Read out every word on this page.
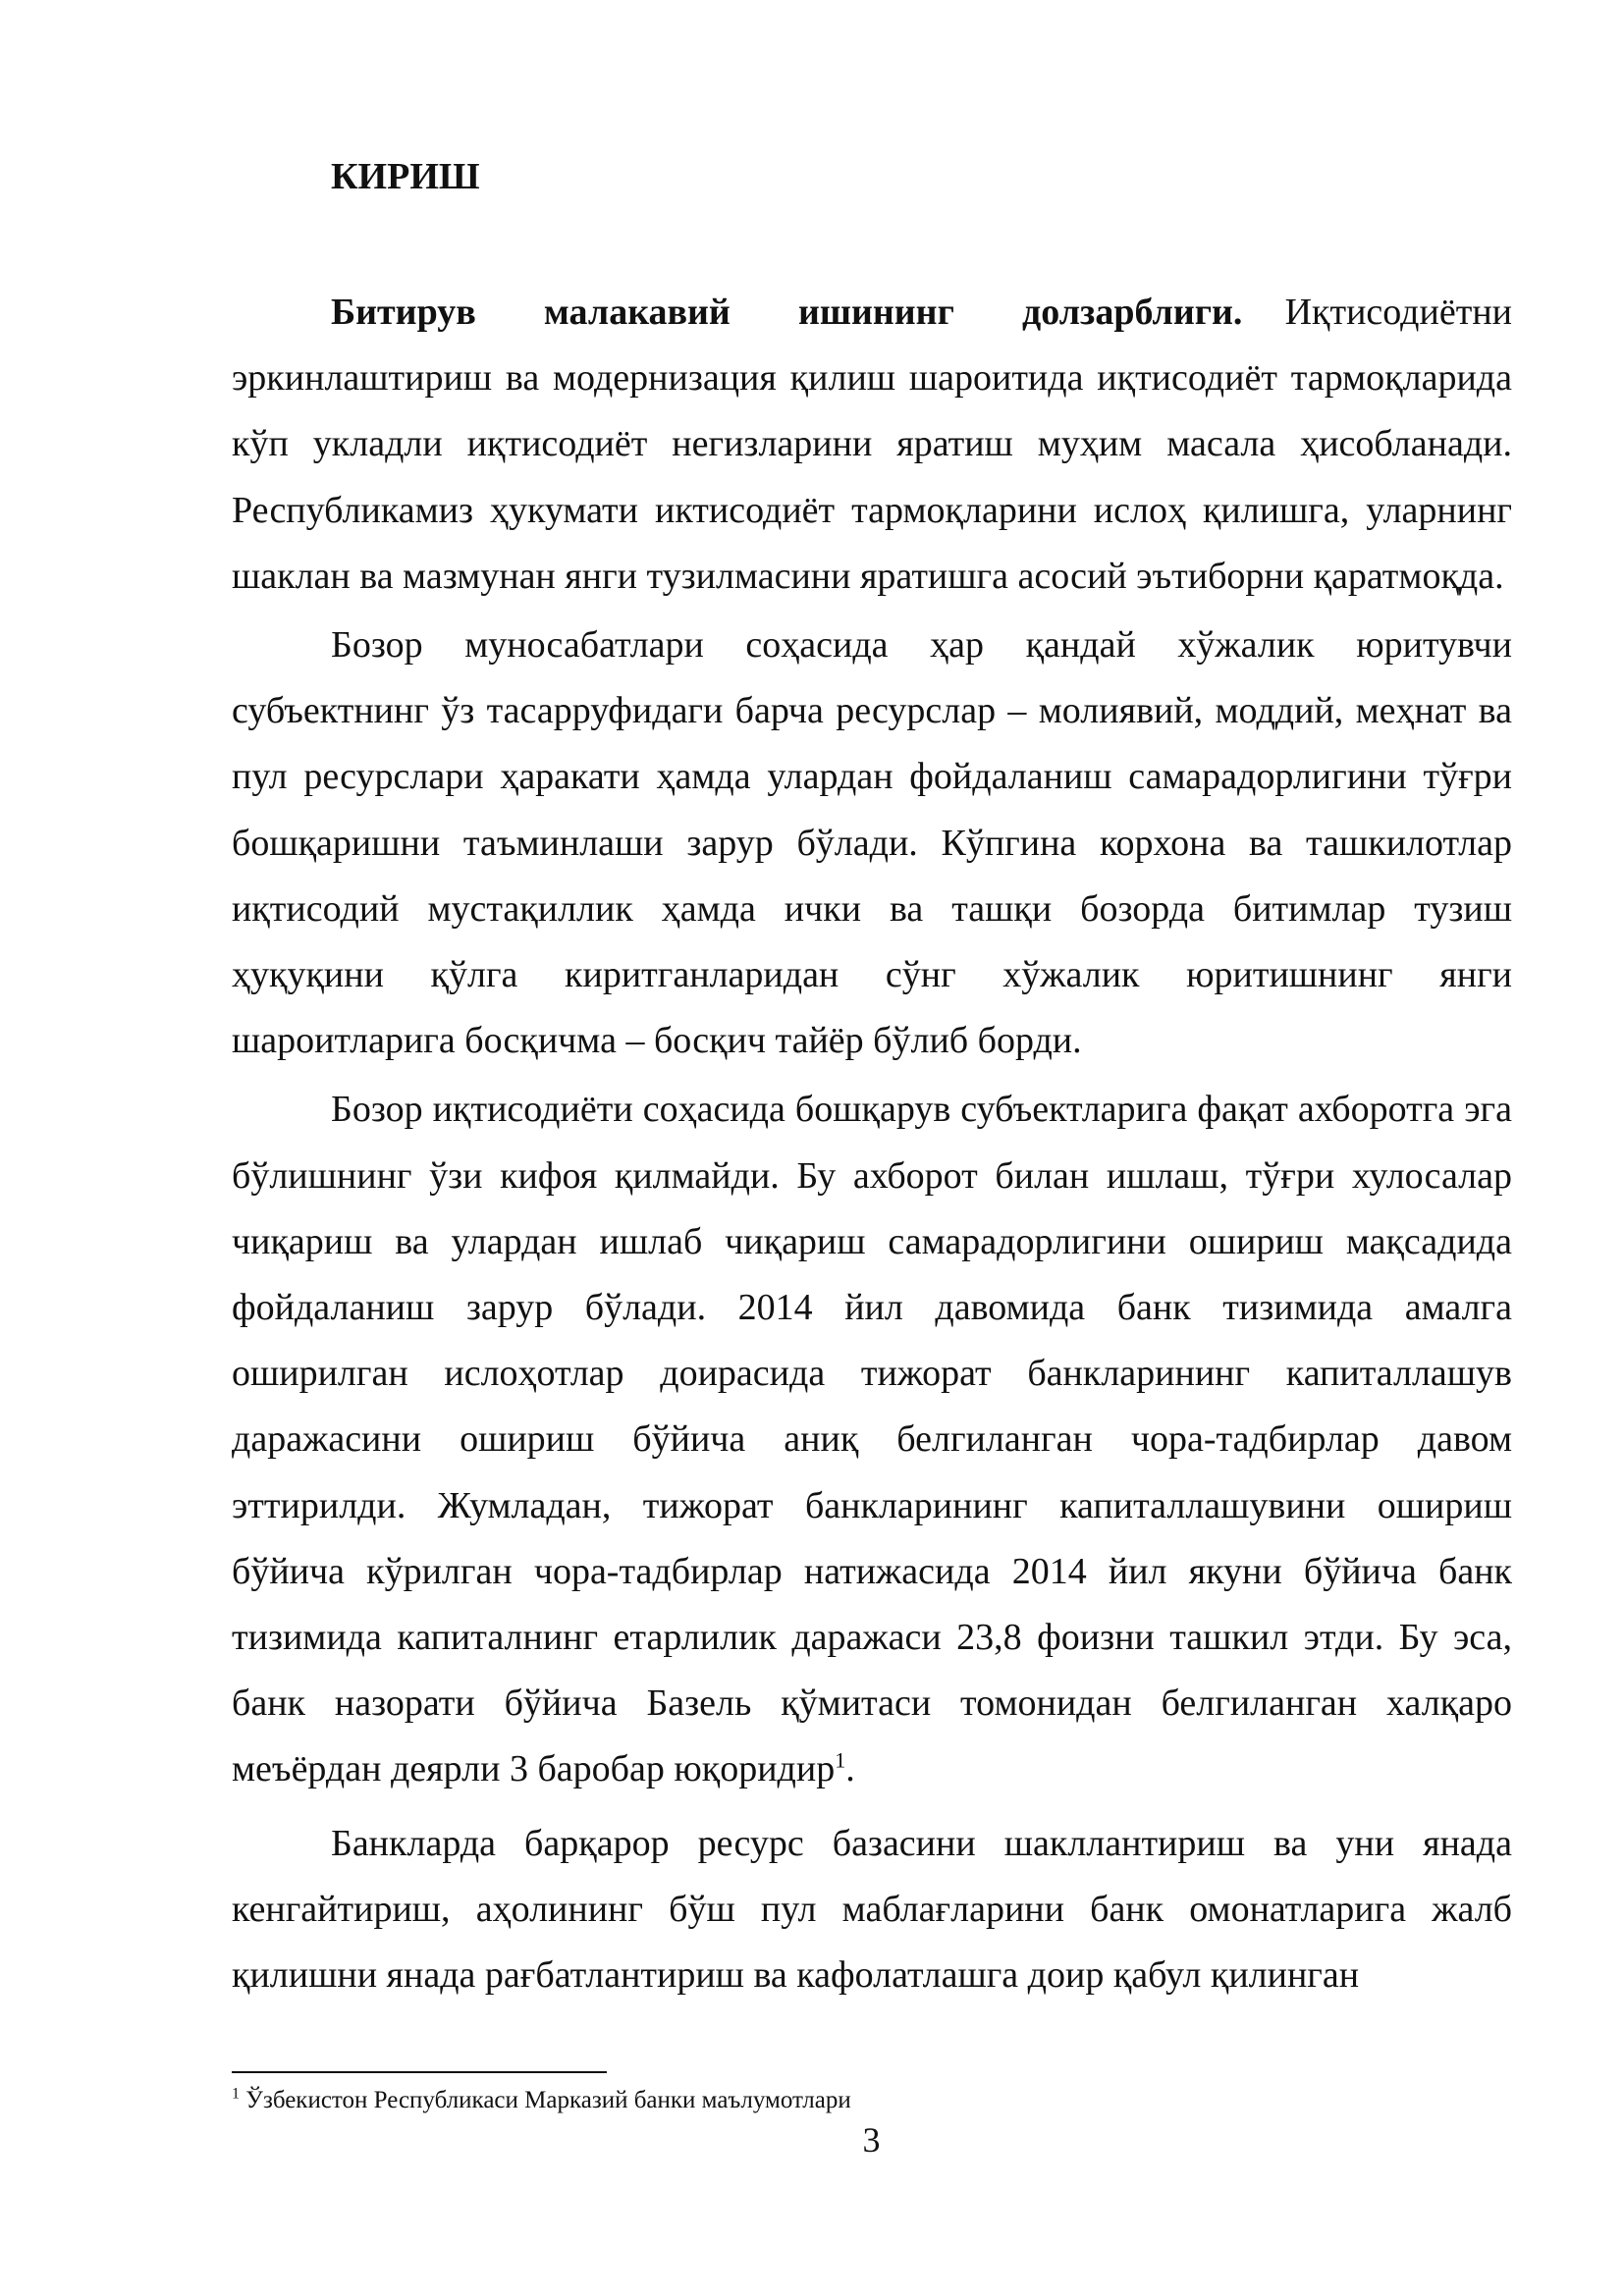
КИРИШ

Битирув малакавий ишининг долзарблиги. Иқтисодиётни эркинлаштириш ва модернизация қилиш шароитида иқтисодиёт тармоқларида кўп укладли иқтисодиёт негизларини яратиш муҳим масала ҳисобланади. Республикамиз ҳукумати иктисодиёт тармоқларини ислоҳ қилишга, уларнинг шаклан ва мазмунан янги тузилмасини яратишга асосий эътиборни қаратмоқда.

Бозор муносабатлари соҳасида ҳар қандай хўжалик юритувчи субъектнинг ўз тасарруфидаги барча ресурслар – молиявий, моддий, меҳнат ва пул ресурслари ҳаракати ҳамда улардан фойдаланиш самарадорлигини тўғри бошқаришни таъминлаши зарур бўлади. Кўпгина корхона ва ташкилотлар иқтисодий мустақиллик ҳамда ички ва ташқи бозорда битимлар тузиш ҳуқуқини қўлга киритганларидан сўнг хўжалик юритишнинг янги шароитларига босқичма – босқич тайёр бўлиб борди.

Бозор иқтисодиёти соҳасида бошқарув субъектларига фақат ахборотга эга бўлишнинг ўзи кифоя қилмайди. Бу ахборот билан ишлаш, тўғри хулосалар чиқариш ва улардан ишлаб чиқариш самарадорлигини ошириш мақсадида фойдаланиш зарур бўлади. 2014 йил давомида банк тизимида амалга оширилган ислоҳотлар доирасида тижорат банкларининг капиталлашув даражасини ошириш бўйича аниқ белгиланган чора-тадбирлар давом эттирилди. Жумладан, тижорат банкларининг капиталлашувини ошириш бўйича кўрилган чора-тадбирлар натижасида 2014 йил якуни бўйича банк тизимида капиталнинг етарлилик даражаси 23,8 фоизни ташкил этди. Бу эса, банк назорати бўйича Базель қўмитаси томонидан белгиланган халқаро меъёрдан деярли 3 баробар юқоридир$^1$.

Банкларда барқарор ресурс базасини шакллантириш ва уни янада кенгайтириш, аҳолининг бўш пул маблағларини банк омонатларига жалб қилишни янада рағбатлантириш ва кафолатлашга доир қабул қилинган

$^1$ Ўзбекистон Республикаси Марказий банки маълумотлари

3
